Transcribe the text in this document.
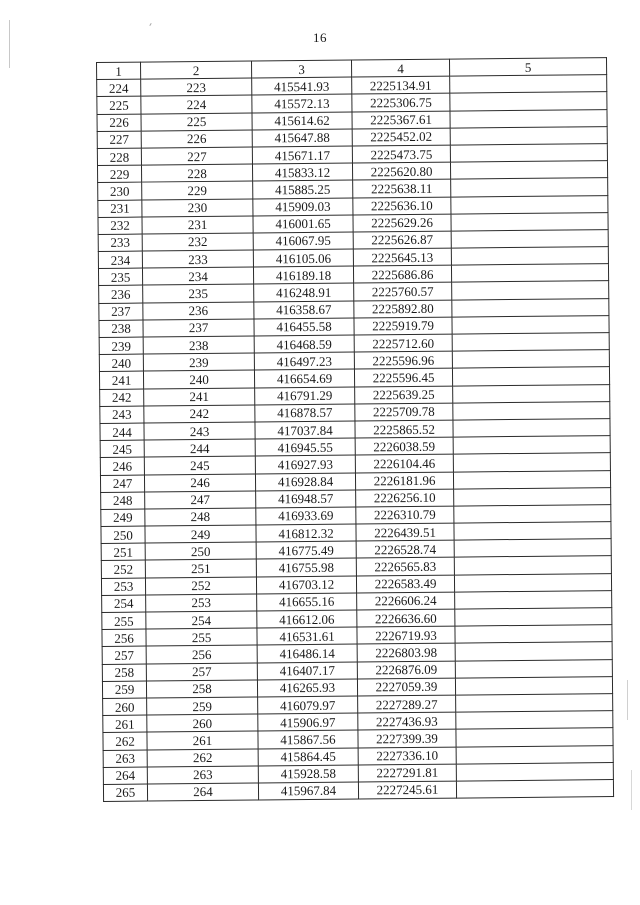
16
1	2	3	4	5
224	223	415541.93	2225134.91	
225	224	415572.13	2225306.75	
226	225	415614.62	2225367.61	
227	226	415647.88	2225452.02	
228	227	415671.17	2225473.75	
229	228	415833.12	2225620.80	
230	229	415885.25	2225638.11	
231	230	415909.03	2225636.10	
232	231	416001.65	2225629.26	
233	232	416067.95	2225626.87	
234	233	416105.06	2225645.13	
235	234	416189.18	2225686.86	
236	235	416248.91	2225760.57	
237	236	416358.67	2225892.80	
238	237	416455.58	2225919.79	
239	238	416468.59	2225712.60	
240	239	416497.23	2225596.96	
241	240	416654.69	2225596.45	
242	241	416791.29	2225639.25	
243	242	416878.57	2225709.78	
244	243	417037.84	2225865.52	
245	244	416945.55	2226038.59	
246	245	416927.93	2226104.46	
247	246	416928.84	2226181.96	
248	247	416948.57	2226256.10	
249	248	416933.69	2226310.79	
250	249	416812.32	2226439.51	
251	250	416775.49	2226528.74	
252	251	416755.98	2226565.83	
253	252	416703.12	2226583.49	
254	253	416655.16	2226606.24	
255	254	416612.06	2226636.60	
256	255	416531.61	2226719.93	
257	256	416486.14	2226803.98	
258	257	416407.17	2226876.09	
259	258	416265.93	2227059.39	
260	259	416079.97	2227289.27	
261	260	415906.97	2227436.93	
262	261	415867.56	2227399.39	
263	262	415864.45	2227336.10	
264	263	415928.58	2227291.81	
265	264	415967.84	2227245.61	
